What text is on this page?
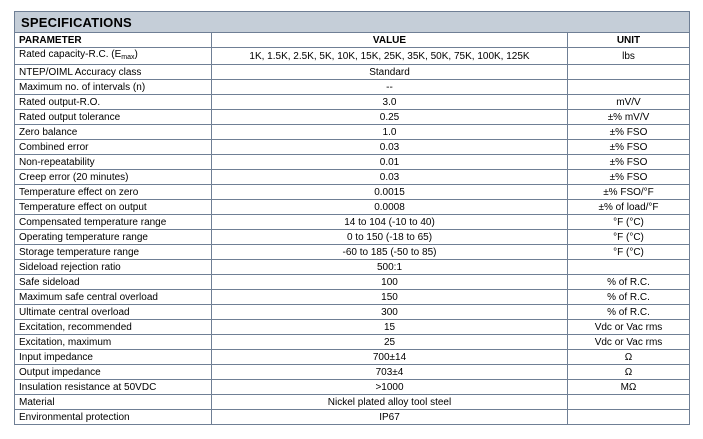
SPECIFICATIONS
PARAMETER	VALUE	UNIT
Rated capacity-R.C. $(E_{max})$	1K, 1.5K, 2.5K, 5K, 10K, 15K, 25K, 35K, 50K, 75K, 100K, 125K	lbs
NTEP/OIML Accuracy class	Standard	
Maximum no. of intervals (n)	--	
Rated output-R.O.	3.0	mV/V
Rated output tolerance	0.25	±% mV/V
Zero balance	1.0	±% FSO
Combined error	0.03	±% FSO
Non-repeatability	0.01	±% FSO
Creep error (20 minutes)	0.03	±% FSO
Temperature effect on zero	0.0015	±% FSO/°F
Temperature effect on output	0.0008	±% of load/°F
Compensated temperature range	14 to 104 (-10 to 40)	°F (°C)
Operating temperature range	0 to 150 (-18 to 65)	°F (°C)
Storage temperature range	-60 to 185 (-50 to 85)	°F (°C)
Sideload rejection ratio	500:1	
Safe sideload	100	% of R.C.
Maximum safe central overload	150	% of R.C.
Ultimate central overload	300	% of R.C.
Excitation, recommended	15	Vdc or Vac rms
Excitation, maximum	25	Vdc or Vac rms
Input impedance	700±14	Ω
Output impedance	703±4	Ω
Insulation resistance at 50VDC	>1000	MΩ
Material	Nickel plated alloy tool steel	
Environmental protection	IP67	
